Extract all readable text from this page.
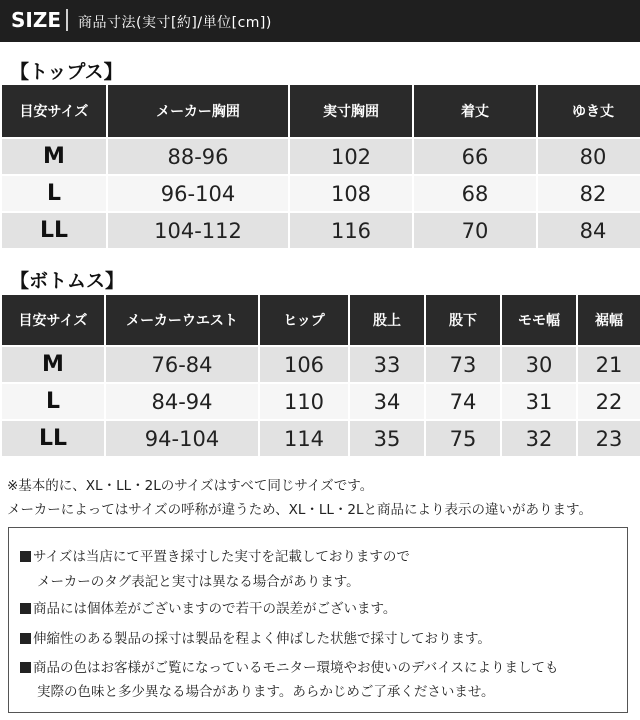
SIZE 商品寸法(実寸[約]/単位[cm])
【トップス】
目安サイズ	メーカー胸囲	実寸胸囲	着丈	ゆき丈
M	88-96	102	66	80
L	96-104	108	68	82
LL	104-112	116	70	84
【ボトムス】
目安サイズ	メーカーウエスト	ヒップ	股上	股下	モモ幅	裾幅
M	76-84	106	33	73	30	21
L	84-94	110	34	74	31	22
LL	94-104	114	35	75	32	23
※基本的に、XL・LL・2Lのサイズはすべて同じサイズです。
メーカーによってはサイズの呼称が違うため、XL・LL・2Lと商品により表示の違いがあります。
サイズは当店にて平置き採寸した実寸を記載しておりますので
メーカーのタグ表記と実寸は異なる場合があります。
商品には個体差がございますので若干の誤差がございます。
伸縮性のある製品の採寸は製品を程よく伸ばした状態で採寸しております。
商品の色はお客様がご覧になっているモニター環境やお使いのデバイスによりましても
実際の色味と多少異なる場合があります。あらかじめご了承くださいませ。
